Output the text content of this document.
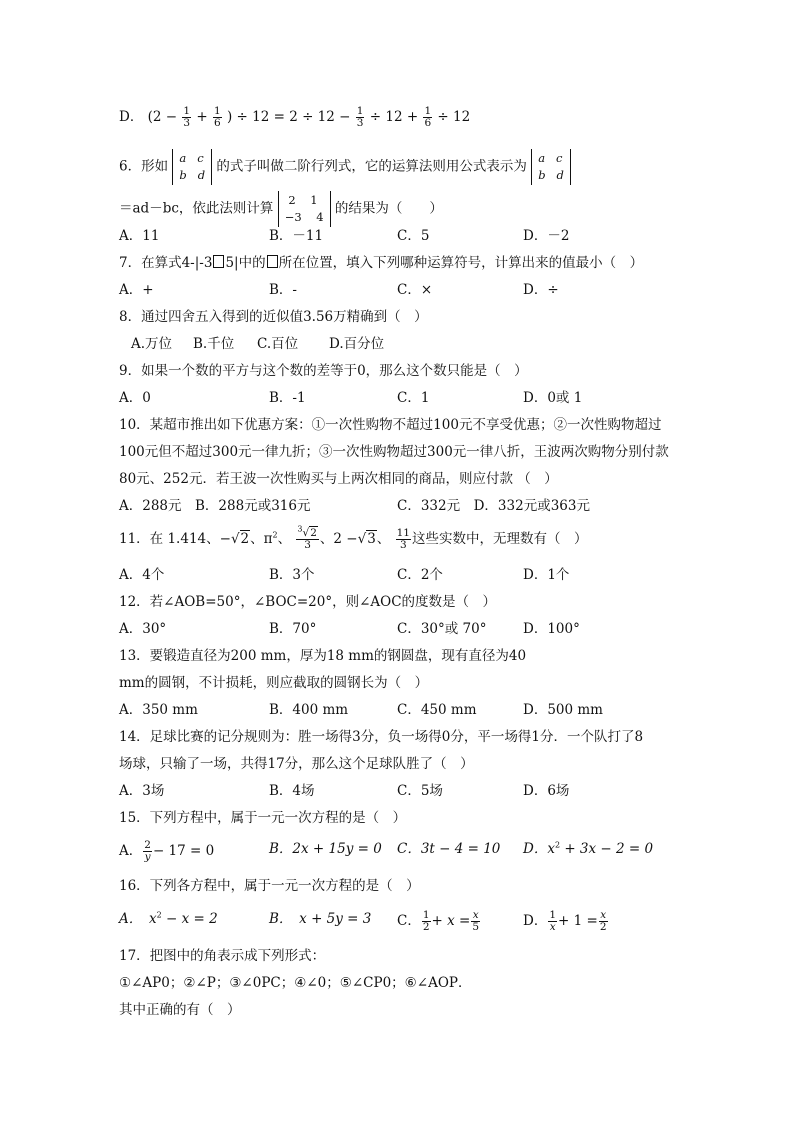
D． ($2 - \frac{1}{3} + \frac{1}{6}$ ) ÷ $12 = 2 \div 12 - \frac{1}{3} \div 12 + \frac{1}{6} \div 12$
6．形如
a   c
b   d
的式子叫做二阶行列式，它的运算法则用公式表示为
a   c
b   d
＝ad－bc，依此法则计算
2    1
−3    4
的结果为（　　）
A．11	B．－11	C．5	D．－2
7．在算式4-|-3 5|中的 所在位置，填入下列哪种运算符号，计算出来的值最小（　）
A．+	B．-	C．×	D．÷
8．通过四舍五入得到的近似值3.56万精确到（　）
A.万位 B.千位 C.百位 D.百分位
9．如果一个数的平方与这个数的差等于0，那么这个数只能是（　）
A．0	B．-1	C．1	D．0或 1
10．某超市推出如下优惠方案：①一次性购物不超过100元不享受优惠；②一次性购物超过
100元但不超过300元一律九折；③一次性购物超过300元一律八折，王波两次购物分别付款
80元、252元．若王波一次性购买与上两次相同的商品，则应付款 （　）
A．288元　B．288元或316元	C．332元　D．332元或363元
11．在 1.414、−√2、$\pi^2$、 $\frac{^3√2}{3}$ 、2 −√3、 $\frac{11}{3}$ 这些实数中，无理数有（　）
A．4个	B．3个	C．2个	D．1个
12．若∠AOB=50°，∠BOC=20°，则∠AOC的度数是（　）
A．30°	B．70°	C．30°或 70°	D．100°
13．要锻造直径为200 mm，厚为18 mm的钢圆盘，现有直径为40
mm的圆钢，不计损耗，则应截取的圆钢长为（　）
A．350 mm	B．400 mm	C．450 mm	D．500 mm
14．足球比赛的记分规则为：胜一场得3分，负一场得0分，平一场得1分．一个队打了8
场球，只输了一场，共得17分，那么这个足球队胜了（　）
A．3场	B．4场	C．5场	D．6场
15．下列方程中，属于一元一次方程的是（　）
A． $\frac{2}{y} - 17 = 0$	B．2x + 15y = 0 C．3t − 4 = 10 D．$x^2 + 3x - 2 = 0$
16．下列各方程中，属于一元一次方程的是（　）
A．　$x^2 - x = 2$	B．　x + 5y = 3 C． $\frac{1}{2} + x = \frac{x}{5}$	D． $\frac{1}{x} + 1 = \frac{x}{2}$
17．把图中的角表示成下列形式：
①∠AP0；②∠P；③∠0PC；④∠0；⑤∠CP0；⑥∠AOP．
其中正确的有（　）
